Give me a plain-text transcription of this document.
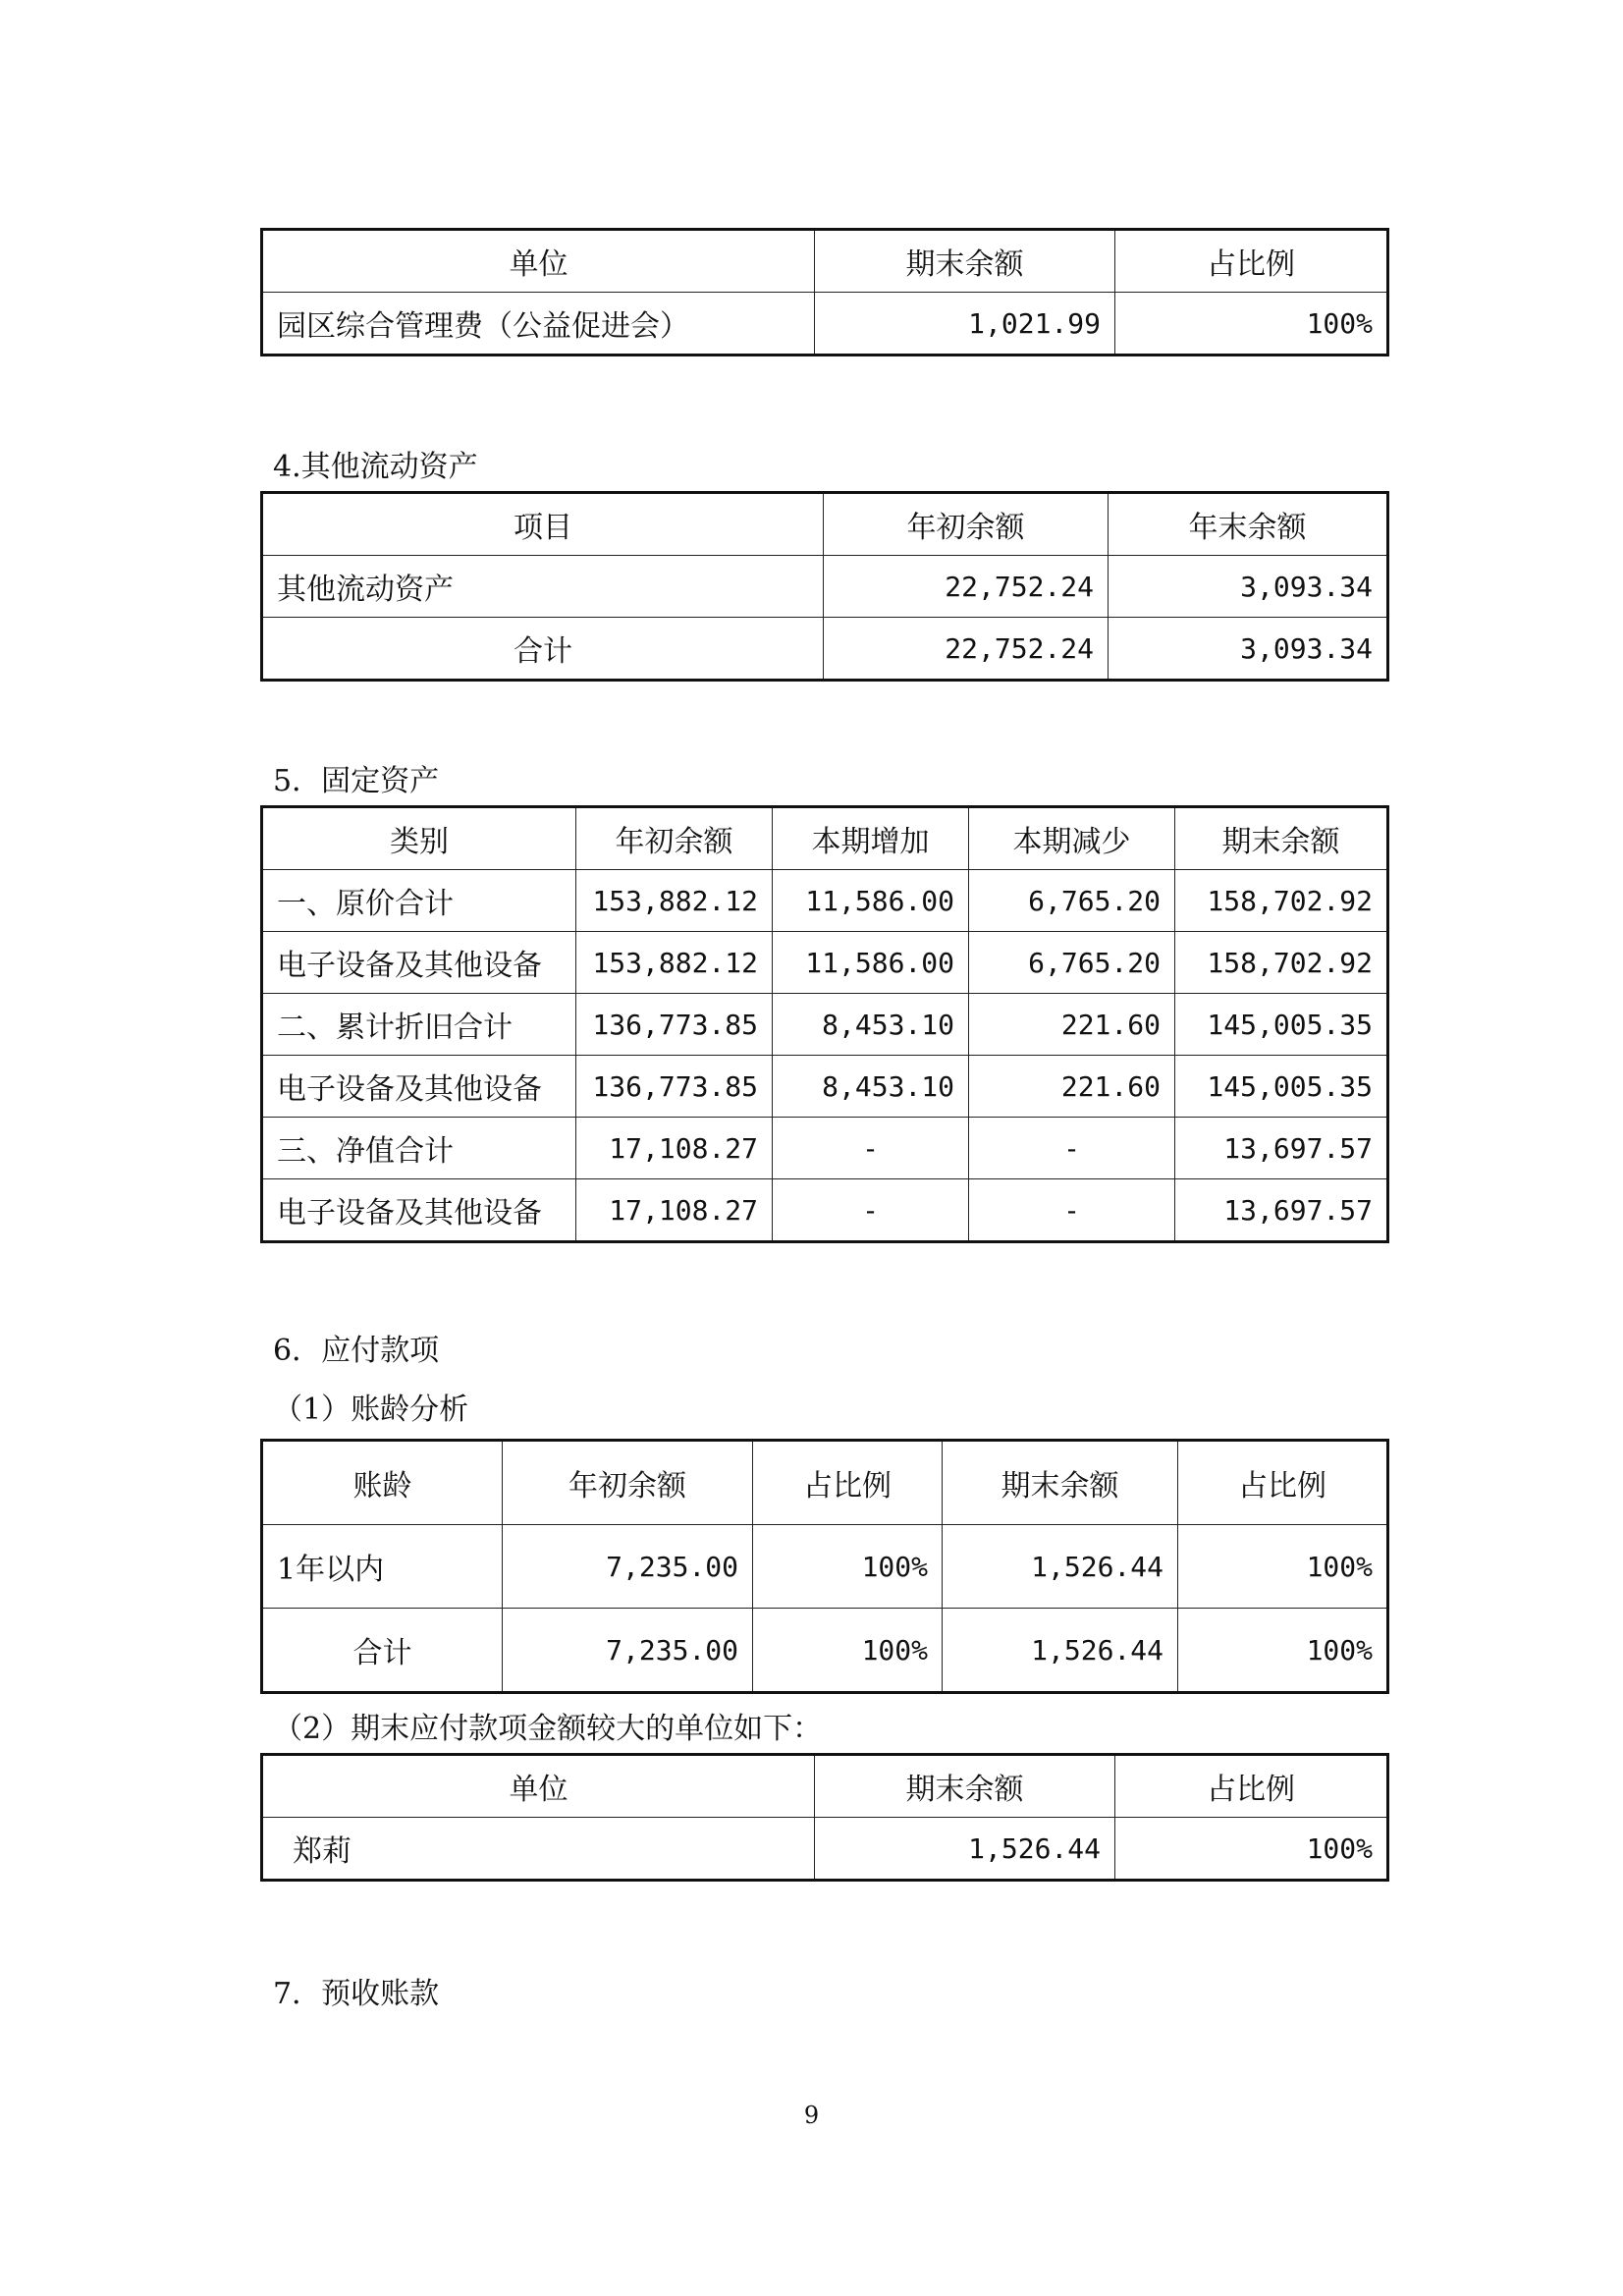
单位	期末余额	占比例
园区综合管理费（公益促进会）	1,021.99	100%
4.其他流动资产
项目	年初余额	年末余额
其他流动资产	22,752.24	3,093.34
合计	22,752.24	3,093.34
5．固定资产
类别	年初余额	本期增加	本期减少	期末余额
一、原价合计	153,882.12	11,586.00	6,765.20	158,702.92
电子设备及其他设备	153,882.12	11,586.00	6,765.20	158,702.92
二、累计折旧合计	136,773.85	8,453.10	221.60	145,005.35
电子设备及其他设备	136,773.85	8,453.10	221.60	145,005.35
三、净值合计	17,108.27	-	-	13,697.57
电子设备及其他设备	17,108.27	-	-	13,697.57
6．应付款项
（1）账龄分析
账龄	年初余额	占比例	期末余额	占比例
1年以内	7,235.00	100%	1,526.44	100%
合计	7,235.00	100%	1,526.44	100%
（2）期末应付款项金额较大的单位如下：
单位	期末余额	占比例
郑莉	1,526.44	100%
7．预收账款
9
